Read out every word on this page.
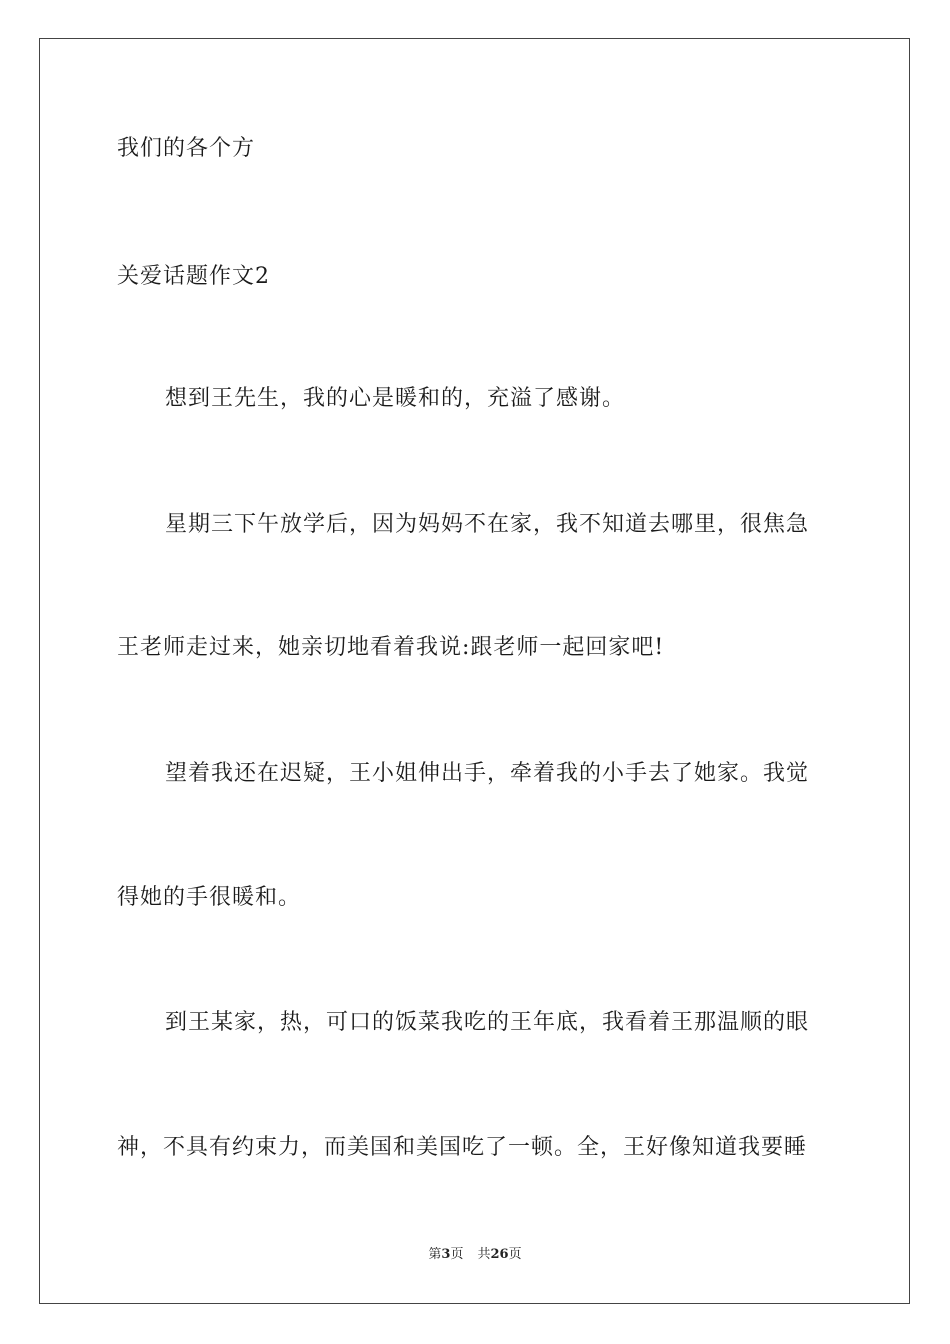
我们的各个方
关爱话题作文2
想到王先生，我的心是暖和的，充溢了感谢。
星期三下午放学后，因为妈妈不在家，我不知道去哪里，很焦急
王老师走过来，她亲切地看着我说:跟老师一起回家吧!
望着我还在迟疑，王小姐伸出手，牵着我的小手去了她家。我觉
得她的手很暖和。
到王某家，热，可口的饭菜我吃的王年底，我看着王那温顺的眼
神，不具有约束力，而美国和美国吃了一顿。全，王好像知道我要睡
第3页 共26页
